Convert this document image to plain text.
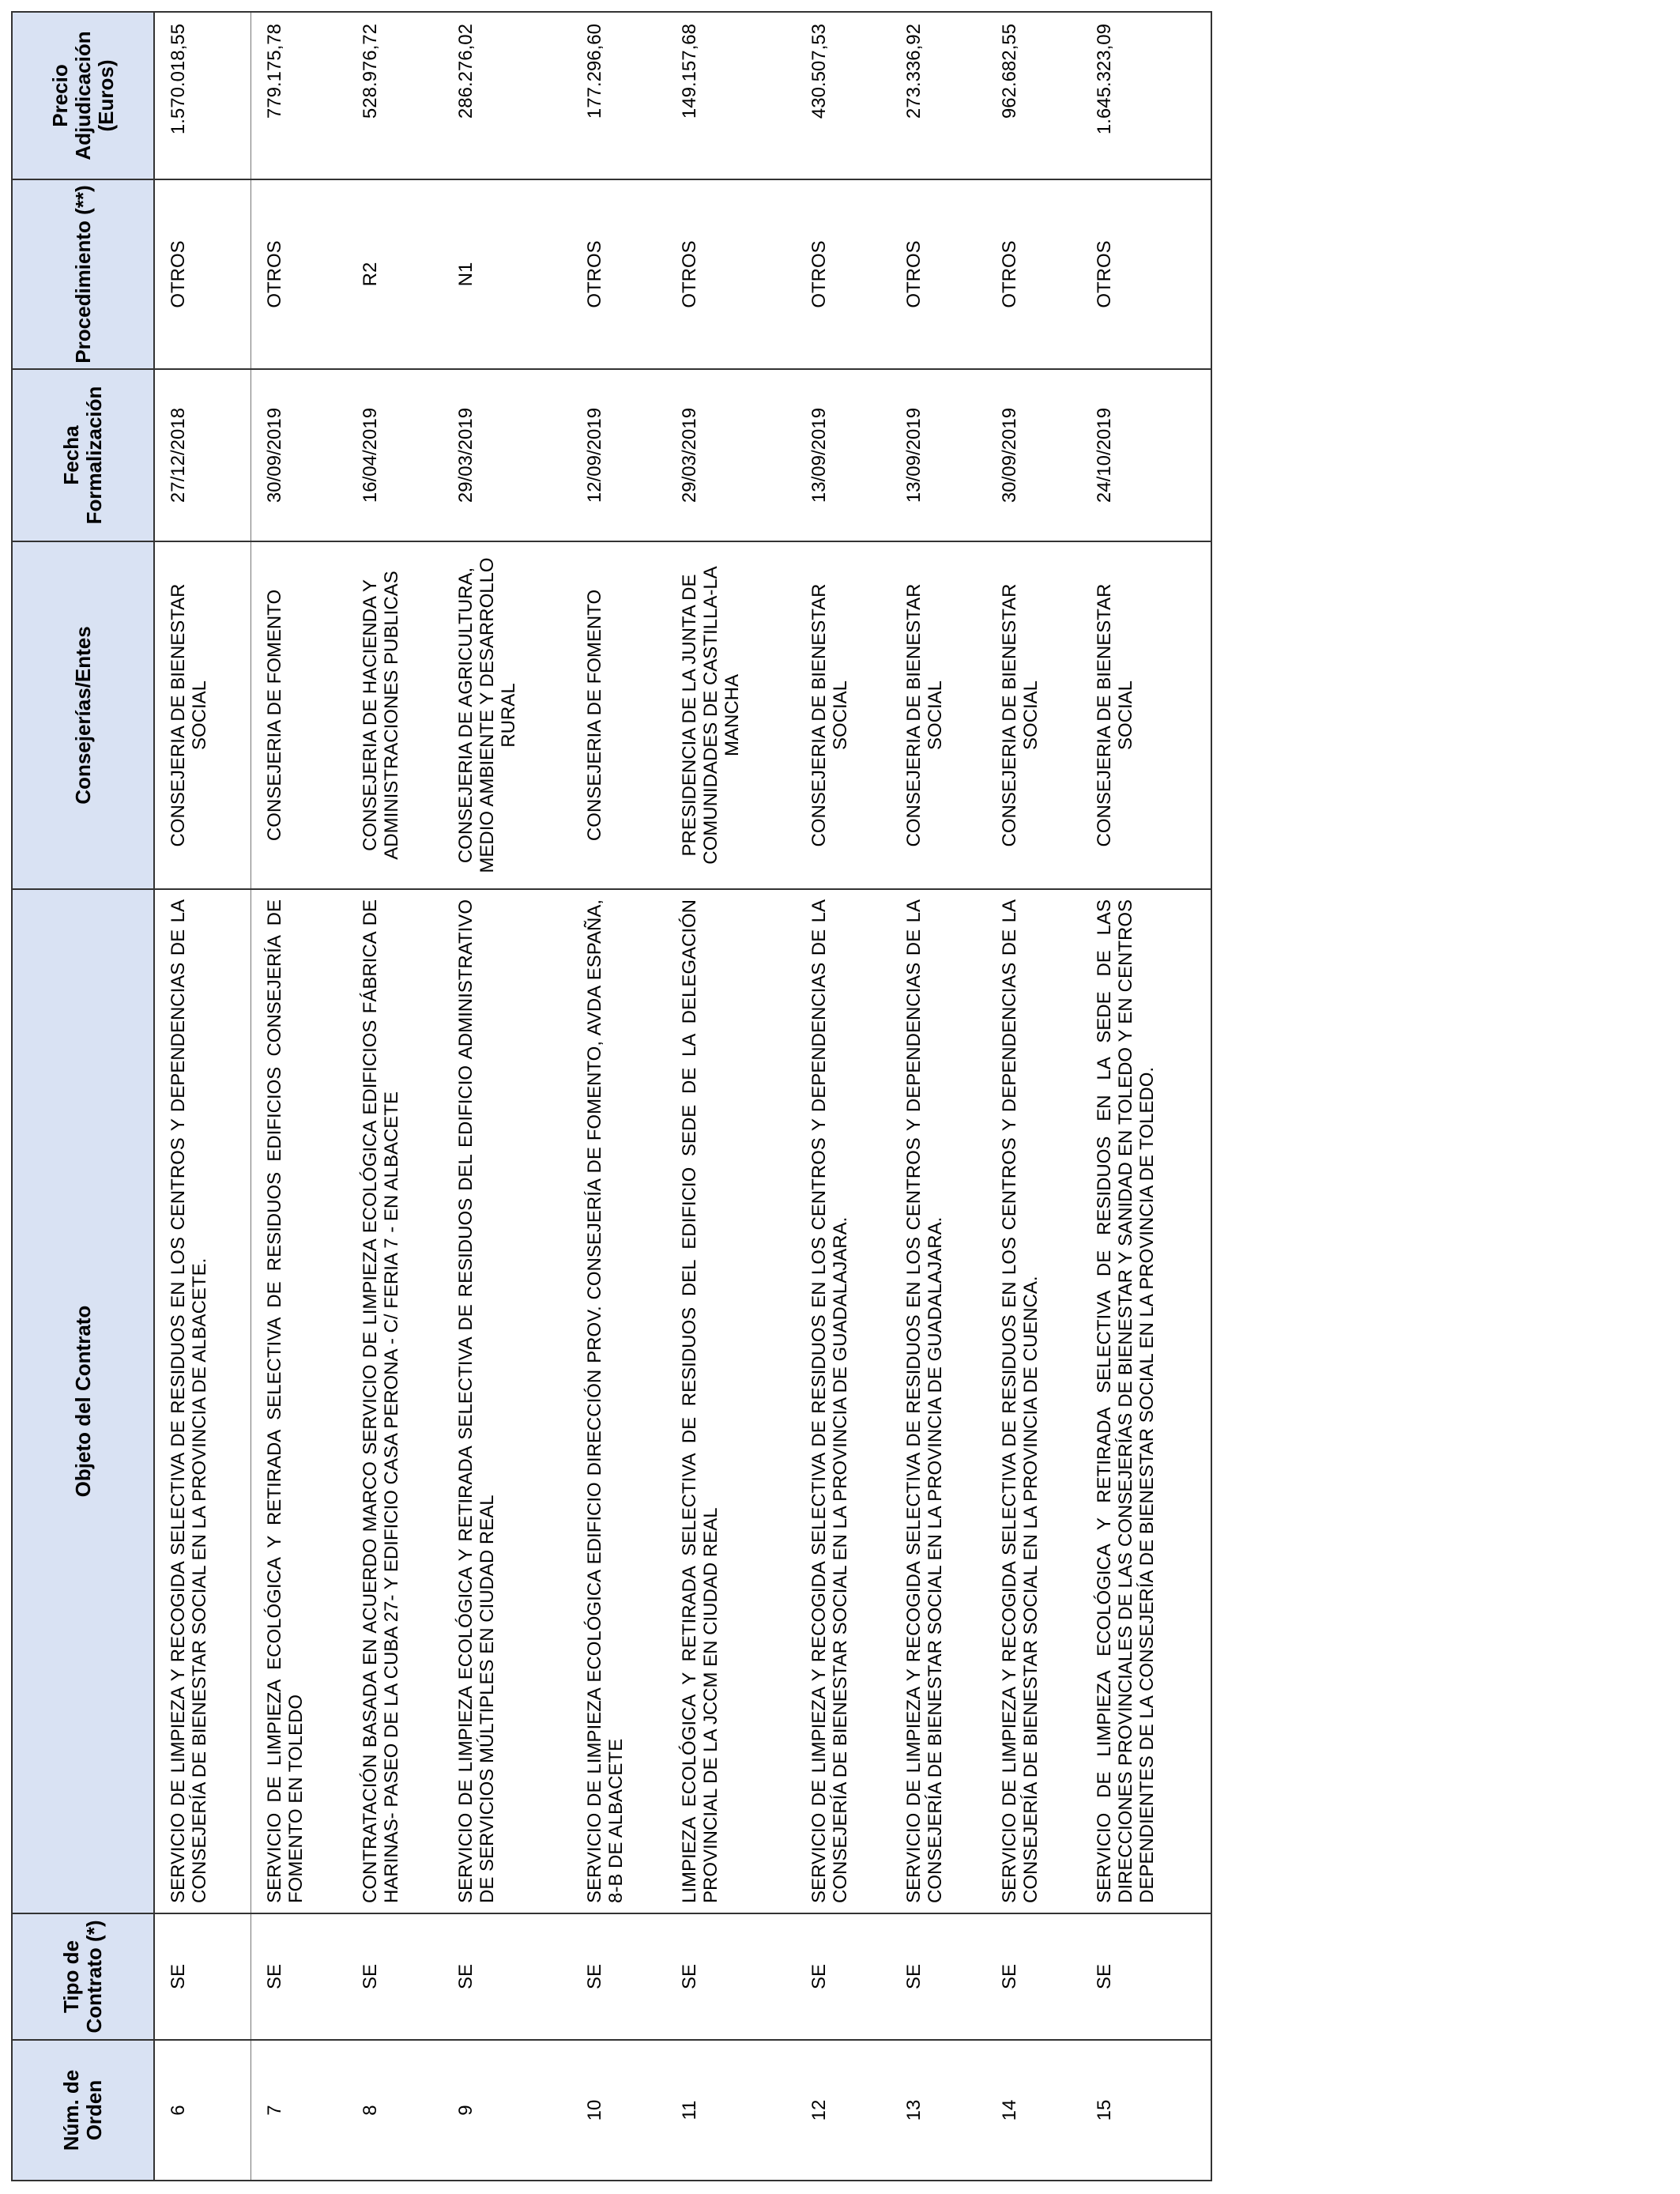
Núm. de Orden	Tipo de Contrato (*)	Objeto del Contrato	Consejerías/Entes	Fecha Formalización	Procedimiento (**)	Precio Adjudicación (Euros)
6	SE	SERVICIO DE LIMPIEZA Y RECOGIDA SELECTIVA DE RESIDUOS EN LOS CENTROS Y DEPENDENCIAS DE LA CONSEJERÍA DE BIENESTAR SOCIAL EN LA PROVINCIA DE ALBACETE.	CONSEJERIA DE BIENESTAR SOCIAL	27/12/2018	OTROS	1.570.018,55
7	SE	SERVICIO DE LIMPIEZA ECOLÓGICA Y RETIRADA SELECTIVA DE RESIDUOS EDIFICIOS CONSEJERÍA DE FOMENTO EN TOLEDO	CONSEJERIA DE FOMENTO	30/09/2019	OTROS	779.175,78
8	SE	CONTRATACIÓN BASADA EN ACUERDO MARCO SERVICIO DE LIMPIEZA ECOLÓGICA EDIFICIOS FÁBRICA DE HARINAS- PASEO DE LA CUBA 27- Y EDIFICIO CASA PERONA - C/ FERIA 7 - EN ALBACETE	CONSEJERIA DE HACIENDA Y ADMINISTRACIONES PUBLICAS	16/04/2019	R2	528.976,72
9	SE	SERVICIO DE LIMPIEZA ECOLÓGICA Y RETIRADA SELECTIVA DE RESIDUOS DEL EDIFICIO ADMINISTRATIVO DE SERVICIOS MÚLTIPLES EN CIUDAD REAL	CONSEJERIA DE AGRICULTURA, MEDIO AMBIENTE Y DESARROLLO RURAL	29/03/2019	N1	286.276,02
10	SE	SERVICIO DE LIMPIEZA ECOLÓGICA EDIFICIO DIRECCIÓN PROV. CONSEJERÍA DE FOMENTO, AVDA ESPAÑA, 8-B DE ALBACETE	CONSEJERIA DE FOMENTO	12/09/2019	OTROS	177.296,60
11	SE	LIMPIEZA ECOLÓGICA Y RETIRADA SELECTIVA DE RESIDUOS DEL EDIFICIO SEDE DE LA DELEGACIÓN PROVINCIAL DE LA JCCM EN CIUDAD REAL	PRESIDENCIA DE LA JUNTA DE COMUNIDADES DE CASTILLA-LA MANCHA	29/03/2019	OTROS	149.157,68
12	SE	SERVICIO DE LIMPIEZA Y RECOGIDA SELECTIVA DE RESIDUOS EN LOS CENTROS Y DEPENDENCIAS DE LA CONSEJERÍA DE BIENESTAR SOCIAL EN LA PROVINCIA DE GUADALAJARA.	CONSEJERIA DE BIENESTAR SOCIAL	13/09/2019	OTROS	430.507,53
13	SE	SERVICIO DE LIMPIEZA Y RECOGIDA SELECTIVA DE RESIDUOS EN LOS CENTROS Y DEPENDENCIAS DE LA CONSEJERÍA DE BIENESTAR SOCIAL EN LA PROVINCIA DE GUADALAJARA.	CONSEJERIA DE BIENESTAR SOCIAL	13/09/2019	OTROS	273.336,92
14	SE	SERVICIO DE LIMPIEZA Y RECOGIDA SELECTIVA DE RESIDUOS EN LOS CENTROS Y DEPENDENCIAS DE LA CONSEJERÍA DE BIENESTAR SOCIAL EN LA PROVINCIA DE CUENCA.	CONSEJERIA DE BIENESTAR SOCIAL	30/09/2019	OTROS	962.682,55
15	SE	SERVICIO DE LIMPIEZA ECOLÓGICA Y RETIRADA SELECTIVA DE RESIDUOS EN LA SEDE DE LAS DIRECCIONES PROVINCIALES DE LAS CONSEJERÍAS DE BIENESTAR Y SANIDAD EN TOLEDO Y EN CENTROS DEPENDIENTES DE LA CONSEJERÍA DE BIENESTAR SOCIAL EN LA PROVINCIA DE TOLEDO.	CONSEJERIA DE BIENESTAR SOCIAL	24/10/2019	OTROS	1.645.323,09
